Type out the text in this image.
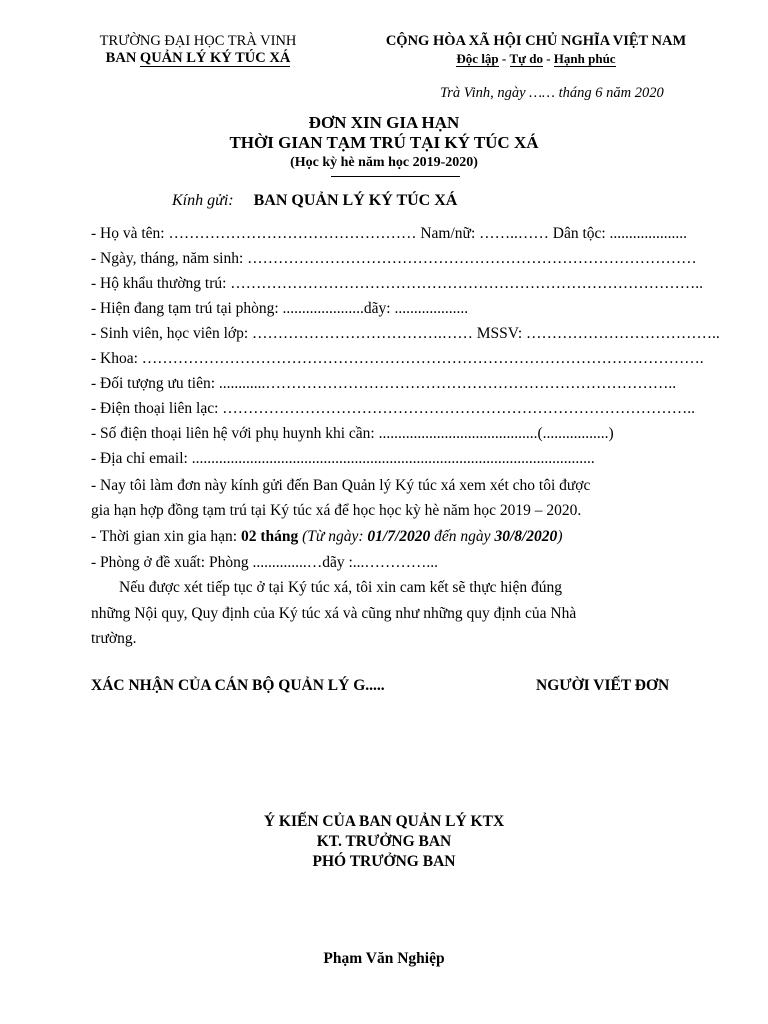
TRƯỜNG ĐẠI HỌC TRÀ VINH
BAN QUẢN LÝ KÝ TÚC XÁ
CỘNG HÒA XÃ HỘI CHỦ NGHĨA VIỆT NAM
Độc lập - Tự do - Hạnh phúc
Trà Vinh, ngày …… tháng 6 năm 2020
ĐƠN XIN GIA HẠN
THỜI GIAN TẠM TRÚ TẠI KÝ TÚC XÁ
(Học kỳ hè năm học 2019-2020)
Kính gửi: BAN QUẢN LÝ KÝ TÚC XÁ
- Họ và tên: ………………………………………… Nam/nữ: ……..…… Dân tộc: ....................
- Ngày, tháng, năm sinh: ……………………………………………………………………………
- Hộ khẩu thường trú: ………………………………………………………………………………..
- Hiện đang tạm trú tại phòng: .....................dãy: ...................
- Sinh viên, học viên lớp: ……………………………….…… MSSV: ………………………………..
- Khoa: ……………………………………………………………………………………………….
- Đối tượng ưu tiên: ............……………………………………………………………………..
- Điện thoại liên lạc: ………………………………………………………………………………..
- Số điện thoại liên hệ với phụ huynh khi cần: .........................................(.................)
- Địa chỉ email: ........................................................................................................
- Nay tôi làm đơn này kính gửi đến Ban Quản lý Ký túc xá xem xét cho tôi được
gia hạn hợp đồng tạm trú tại Ký túc xá để học học kỳ hè năm học 2019 – 2020.
- Thời gian xin gia hạn: 02 tháng (Từ ngày: 01/7/2020 đến ngày 30/8/2020)
- Phòng ở đề xuất: Phòng ..............…dãy :...…………...
Nếu được xét tiếp tục ở tại Ký túc xá, tôi xin cam kết sẽ thực hiện đúng
những Nội quy, Quy định của Ký túc xá và cũng như những quy định của Nhà
trường.
XÁC NHẬN CỦA CÁN BỘ QUẢN LÝ G.....	NGƯỜI VIẾT ĐƠN
Ý KIẾN CỦA BAN QUẢN LÝ KTX
KT. TRƯỞNG BAN
PHÓ TRƯỞNG BAN
Phạm Văn Nghiệp
